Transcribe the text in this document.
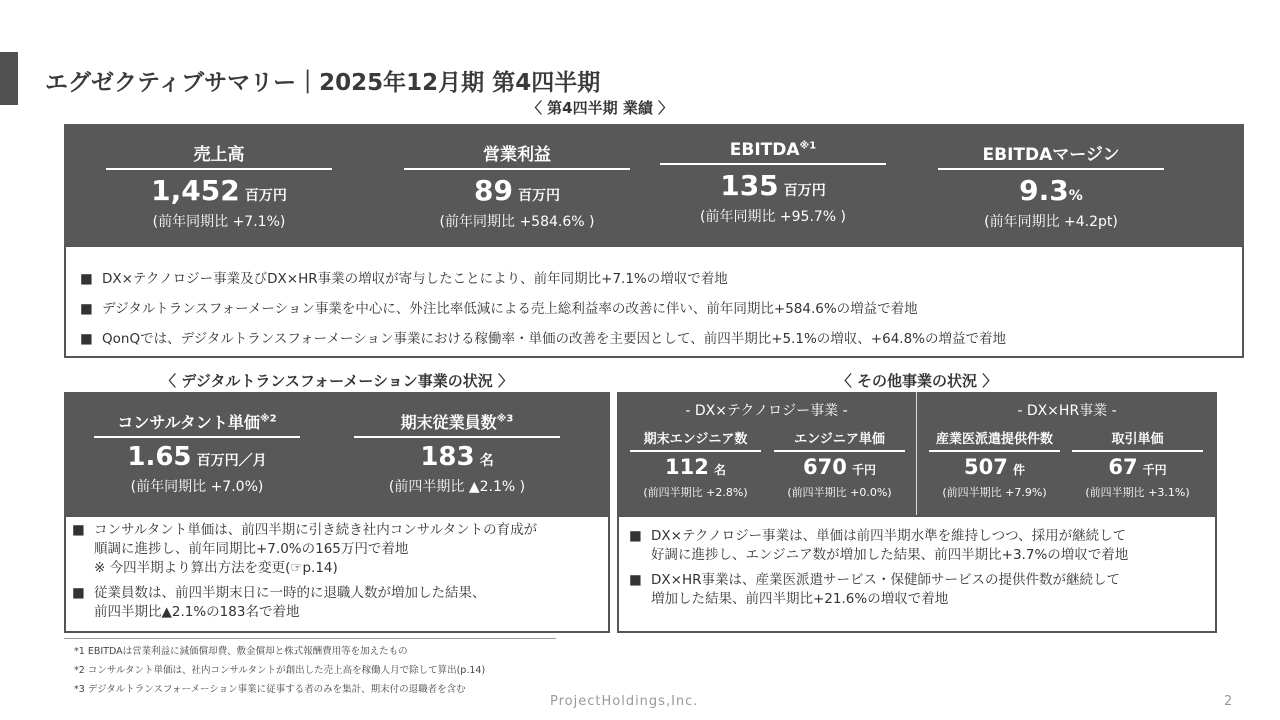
エグゼクティブサマリー｜2025年12月期 第4四半期
〈 第4四半期 業績 〉
売上高
1,452 百万円
(前年同期比 +7.1%)
営業利益
89 百万円
(前年同期比 +584.6% )
EBITDA$^{※1}$
135 百万円
(前年同期比 +95.7% )
EBITDAマージン
9.3%
(前年同期比 +4.2pt)
■ DX×テクノロジー事業及びDX×HR事業の増収が寄与したことにより、前年同期比+7.1%の増収で着地
■ デジタルトランスフォーメーション事業を中心に、外注比率低減による売上総利益率の改善に伴い、前年同期比+584.6%の増益で着地
■ QonQでは、デジタルトランスフォーメーション事業における稼働率・単価の改善を主要因として、前四半期比+5.1%の増収、+64.8%の増益で着地
〈 デジタルトランスフォーメーション事業の状況 〉
コンサルタント単価$^{※2}$
1.65 百万円／月
(前年同期比 +7.0%)
期末従業員数$^{※3}$
183 名
(前四半期比 ▲2.1% )
■ コンサルタント単価は、前四半期に引き続き社内コンサルタントの育成が
順調に進捗し、前年同期比+7.0%の165万円で着地
※ 今四半期より算出方法を変更(☞p.14)
■ 従業員数は、前四半期末日に一時的に退職人数が増加した結果、
前四半期比▲2.1%の183名で着地
〈 その他事業の状況 〉
- DX×テクノロジー事業 -	- DX×HR事業 -
期末エンジニア数
112 名
(前四半期比 +2.8%)
エンジニア単価
670 千円
(前四半期比 +0.0%)
産業医派遣提供件数
507 件
(前四半期比 +7.9%)
取引単価
67 千円
(前四半期比 +3.1%)
■ DX×テクノロジー事業は、単価は前四半期水準を維持しつつ、採用が継続して
好調に進捗し、エンジニア数が増加した結果、前四半期比+3.7%の増収で着地
■ DX×HR事業は、産業医派遣サービス・保健師サービスの提供件数が継続して
増加した結果、前四半期比+21.6%の増収で着地
*1 EBITDAは営業利益に減価償却費、敷金償却と株式報酬費用等を加えたもの
*2 コンサルタント単価は、社内コンサルタントが創出した売上高を稼働人月で除して算出(p.14)
*3 デジタルトランスフォーメーション事業に従事する者のみを集計、期末付の退職者を含む
ProjectHoldings,Inc.	2
